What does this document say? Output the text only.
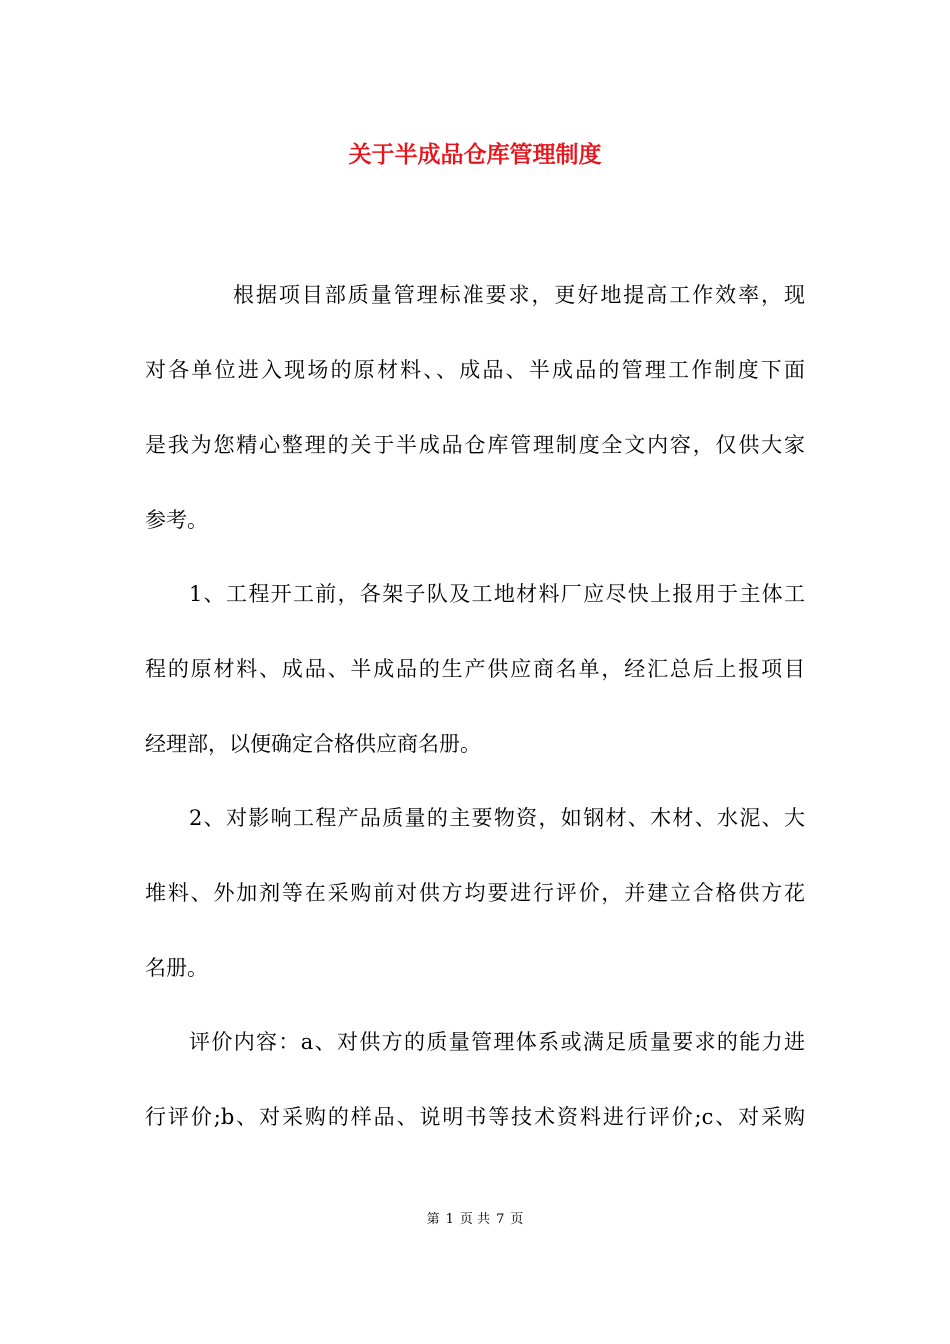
关于半成品仓库管理制度

根据项目部质量管理标准要求，更好地提高工作效率，现

对各单位进入现场的原材料、、成品、半成品的管理工作制度下面

是我为您精心整理的关于半成品仓库管理制度全文内容，仅供大家

参考。

1、工程开工前，各架子队及工地材料厂应尽快上报用于主体工

程的原材料、成品、半成品的生产供应商名单，经汇总后上报项目

经理部，以便确定合格供应商名册。

2、对影响工程产品质量的主要物资，如钢材、木材、水泥、大

堆料、外加剂等在采购前对供方均要进行评价，并建立合格供方花

名册。

评价内容：a、对供方的质量管理体系或满足质量要求的能力进

行评价;b、对采购的样品、说明书等技术资料进行评价;c、对采购

第 1 页 共 7 页
